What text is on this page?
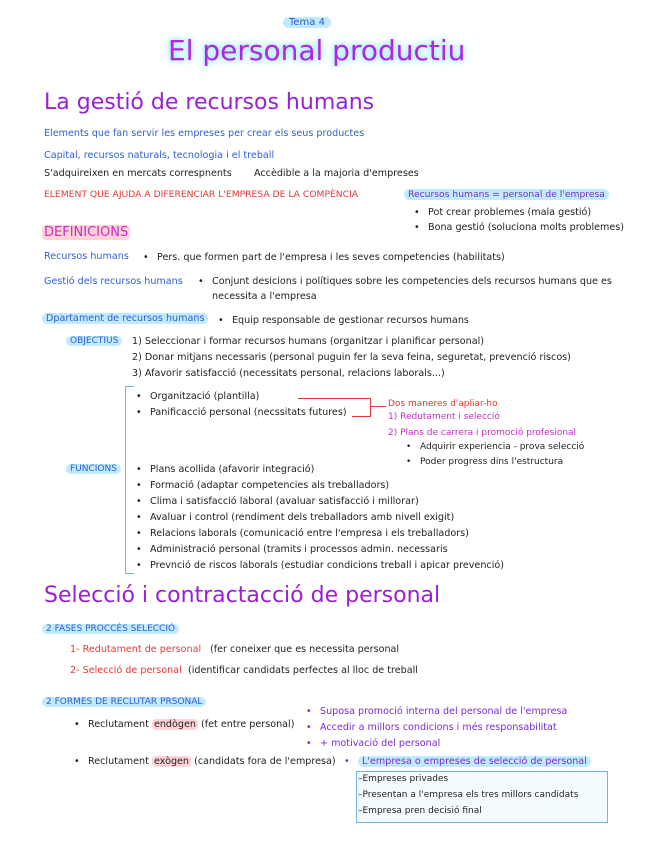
Tema 4
El personal productiu
La gestió de recursos humans
Elements que fan servir les empreses per crear els seus productes
Capital, recursos naturals, tecnologia i el treball
S'adquireixen en mercats correspnents Accèdible a la majoria d'empreses
ELEMENT QUE AJUDA A DIFERENCIAR L'EMPRESA DE LA COMPÈNCIA	Recursos humans = personal de l'empresa
• Pot crear problemes (mala gestió)
• Bona gestió (soluciona molts problemes)
DEFINICIONS
Recursos humans	• Pers. que formen part de l'empresa i les seves competencies (habilitats)
Gestió dels recursos humans	• Conjunt desicions i polítiques sobre les competencies dels recursos humans que es
necessita a l'empresa
Dpartament de recursos humans	• Equip responsable de gestionar recursos humans
OBJECTIUS	1) Seleccionar i formar recursos humans (organitzar i planificar personal)
2) Donar mitjans necessaris (personal puguin fer la seva feina, seguretat, prevenció riscos)
3) Afavorir satisfacció (necessitats personal, relacions laborals...)
FUNCIONS
• Organització (plantilla)
• Panificacció personal (necssitats futures)
Dos maneres d'apliar-ho
1) Redutament i selecció
2) Plans de carrera i promoció profesional
• Adquirir experiencia - prova selecció
• Poder progress dins l'estructura
• Plans acollida (afavorir integració)
• Formació (adaptar competencies als treballadors)
• Clima i satisfacció laboral (avaluar satisfacció i millorar)
• Avaluar i control (rendiment dels treballadors amb nivell exigit)
• Relacions laborals (comunicació entre l'empresa i els treballadors)
• Administració personal (tramits i processos admin. necessaris
• Prevnció de riscos laborals (estudiar condicions treball i apicar prevenció)
Selecció i contractacció de personal
2 FASES PROCCÉS SELECCIÓ
1- Redutament de personal (fer coneixer que es necessita personal
2- Selecció de personal (identificar candidats perfectes al lloc de treball
2 FORMES DE RECLUTAR PRSONAL
• Reclutament endògen (fet entre personal)
• Suposa promoció interna del personal de l'empresa
• Accedir a millors condicions i més responsabilitat
• + motivació del personal
• Reclutament exògen (candidats fora de l'empresa)	• L'empresa o empreses de selecció de personal
–Empreses privades
–Presentan a l'empresa els tres millors candidats
–Empresa pren decisió final
